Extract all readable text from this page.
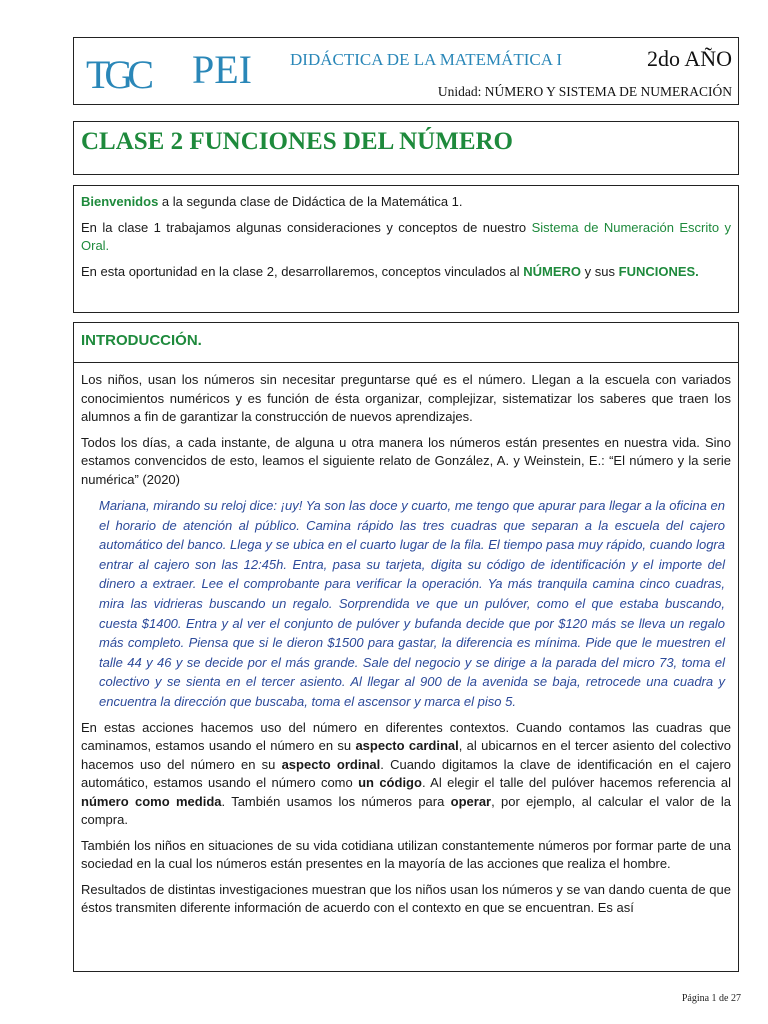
TGC PEI DIDÁCTICA DE LA MATEMÁTICA I	2do AÑO
Unidad: NÚMERO Y SISTEMA DE NUMERACIÓN
CLASE 2 FUNCIONES DEL NÚMERO

Bienvenidos a la segunda clase de Didáctica de la Matemática 1.

En la clase 1 trabajamos algunas consideraciones y conceptos de nuestro Sistema de Numeración Escrito y Oral.

En esta oportunidad en la clase 2, desarrollaremos, conceptos vinculados al NÚMERO y sus FUNCIONES.

INTRODUCCIÓN.

Los niños, usan los números sin necesitar preguntarse qué es el número. Llegan a la escuela con variados conocimientos numéricos y es función de ésta organizar, complejizar, sistematizar los saberes que traen los alumnos a fin de garantizar la construcción de nuevos aprendizajes.

Todos los días, a cada instante, de alguna u otra manera los números están presentes en nuestra vida. Sino estamos convencidos de esto, leamos el siguiente relato de González, A. y Weinstein, E.: “El número y la serie numérica” (2020)

Mariana, mirando su reloj dice: ¡uy! Ya son las doce y cuarto, me tengo que apurar para llegar a la oficina en el horario de atención al público. Camina rápido las tres cuadras que separan a la escuela del cajero automático del banco. Llega y se ubica en el cuarto lugar de la fila. El tiempo pasa muy rápido, cuando logra entrar al cajero son las 12:45h. Entra, pasa su tarjeta, digita su código de identificación y el importe del dinero a extraer. Lee el comprobante para verificar la operación. Ya más tranquila camina cinco cuadras, mira las vidrieras buscando un regalo. Sorprendida ve que un pulóver, como el que estaba buscando, cuesta $1400. Entra y al ver el conjunto de pulóver y bufanda decide que por $120 más se lleva un regalo más completo. Piensa que si le dieron $1500 para gastar, la diferencia es mínima. Pide que le muestren el talle 44 y 46 y se decide por el más grande. Sale del negocio y se dirige a la parada del micro 73, toma el colectivo y se sienta en el tercer asiento. Al llegar al 900 de la avenida se baja, retrocede una cuadra y encuentra la dirección que buscaba, toma el ascensor y marca el piso 5.

En estas acciones hacemos uso del número en diferentes contextos. Cuando contamos las cuadras que caminamos, estamos usando el número en su aspecto cardinal, al ubicarnos en el tercer asiento del colectivo hacemos uso del número en su aspecto ordinal. Cuando digitamos la clave de identificación en el cajero automático, estamos usando el número como un código. Al elegir el talle del pulóver hacemos referencia al número como medida. También usamos los números para operar, por ejemplo, al calcular el valor de la compra.

También los niños en situaciones de su vida cotidiana utilizan constantemente números por formar parte de una sociedad en la cual los números están presentes en la mayoría de las acciones que realiza el hombre.

Resultados de distintas investigaciones muestran que los niños usan los números y se van dando cuenta de que éstos transmiten diferente información de acuerdo con el contexto en que se encuentran. Es así

Página 1 de 27
